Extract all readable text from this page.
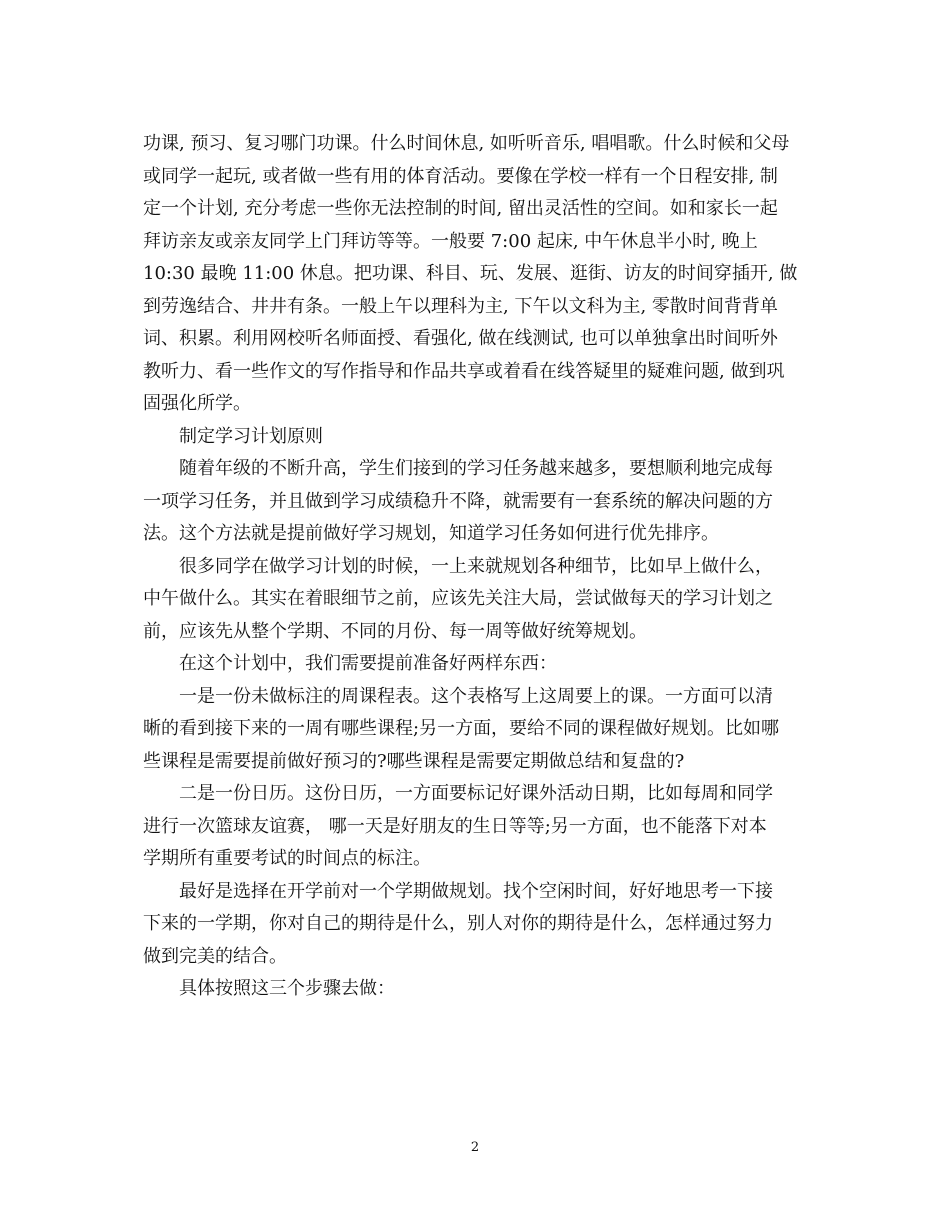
功课, 预习、复习哪门功课。什么时间休息, 如听听音乐, 唱唱歌。什么时候和父母
或同学一起玩, 或者做一些有用的体育活动。要像在学校一样有一个日程安排, 制
定一个计划, 充分考虑一些你无法控制的时间, 留出灵活性的空间。如和家长一起
拜访亲友或亲友同学上门拜访等等。一般要 7:00 起床, 中午休息半小时, 晚上
10:30 最晚 11:00 休息。把功课、科目、玩、发展、逛街、访友的时间穿插开, 做
到劳逸结合、井井有条。一般上午以理科为主, 下午以文科为主, 零散时间背背单
词、积累。利用网校听名师面授、看强化, 做在线测试, 也可以单独拿出时间听外
教听力、看一些作文的写作指导和作品共享或着看在线答疑里的疑难问题, 做到巩
固强化所学。
制定学习计划原则
随着年级的不断升高，学生们接到的学习任务越来越多，要想顺利地完成每
一项学习任务，并且做到学习成绩稳升不降，就需要有一套系统的解决问题的方
法。这个方法就是提前做好学习规划，知道学习任务如何进行优先排序。
很多同学在做学习计划的时候，一上来就规划各种细节，比如早上做什么，
中午做什么。其实在着眼细节之前，应该先关注大局，尝试做每天的学习计划之
前，应该先从整个学期、不同的月份、每一周等做好统筹规划。
在这个计划中，我们需要提前准备好两样东西：
一是一份未做标注的周课程表。这个表格写上这周要上的课。一方面可以清
晰的看到接下来的一周有哪些课程;另一方面，要给不同的课程做好规划。比如哪
些课程是需要提前做好预习的?哪些课程是需要定期做总结和复盘的?
二是一份日历。这份日历，一方面要标记好课外活动日期，比如每周和同学
进行一次篮球友谊赛， 哪一天是好朋友的生日等等;另一方面，也不能落下对本
学期所有重要考试的时间点的标注。
最好是选择在开学前对一个学期做规划。找个空闲时间，好好地思考一下接
下来的一学期，你对自己的期待是什么，别人对你的期待是什么，怎样通过努力
做到完美的结合。
具体按照这三个步骤去做：
2
